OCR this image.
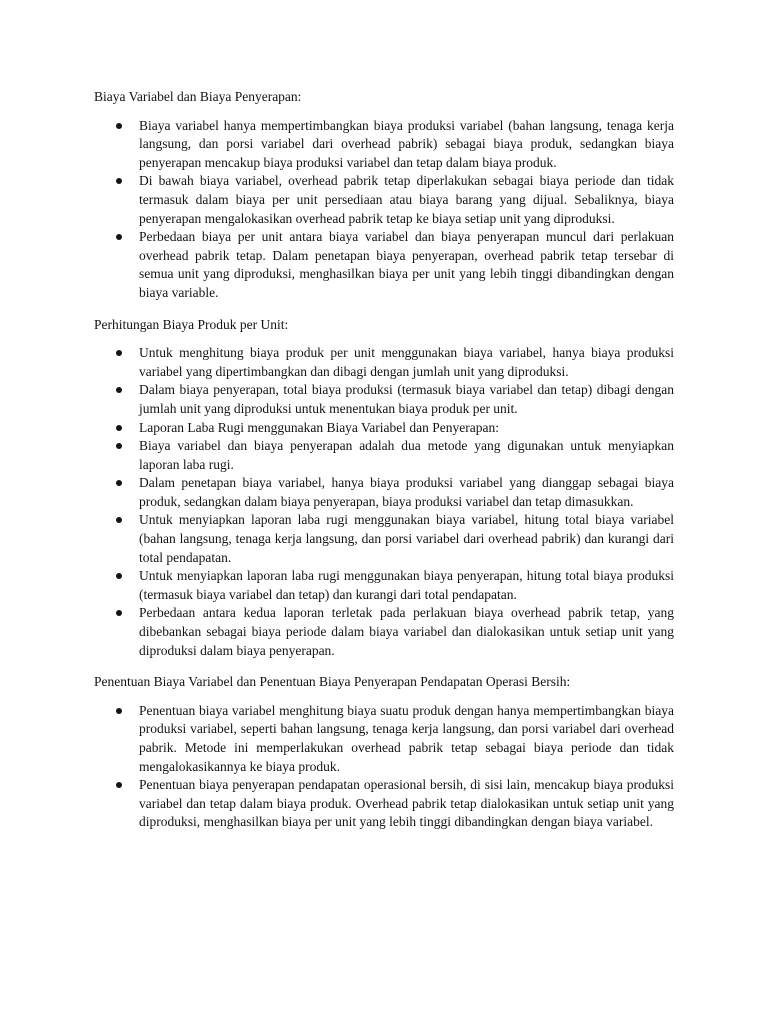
Biaya Variabel dan Biaya Penyerapan:

Biaya variabel hanya mempertimbangkan biaya produksi variabel (bahan langsung, tenaga kerja langsung, dan porsi variabel dari overhead pabrik) sebagai biaya produk, sedangkan biaya penyerapan mencakup biaya produksi variabel dan tetap dalam biaya produk.
Di bawah biaya variabel, overhead pabrik tetap diperlakukan sebagai biaya periode dan tidak termasuk dalam biaya per unit persediaan atau biaya barang yang dijual. Sebaliknya, biaya penyerapan mengalokasikan overhead pabrik tetap ke biaya setiap unit yang diproduksi.
Perbedaan biaya per unit antara biaya variabel dan biaya penyerapan muncul dari perlakuan overhead pabrik tetap. Dalam penetapan biaya penyerapan, overhead pabrik tetap tersebar di semua unit yang diproduksi, menghasilkan biaya per unit yang lebih tinggi dibandingkan dengan biaya variable.

Perhitungan Biaya Produk per Unit:

Untuk menghitung biaya produk per unit menggunakan biaya variabel, hanya biaya produksi variabel yang dipertimbangkan dan dibagi dengan jumlah unit yang diproduksi.
Dalam biaya penyerapan, total biaya produksi (termasuk biaya variabel dan tetap) dibagi dengan jumlah unit yang diproduksi untuk menentukan biaya produk per unit.
Laporan Laba Rugi menggunakan Biaya Variabel dan Penyerapan:
Biaya variabel dan biaya penyerapan adalah dua metode yang digunakan untuk menyiapkan laporan laba rugi.
Dalam penetapan biaya variabel, hanya biaya produksi variabel yang dianggap sebagai biaya produk, sedangkan dalam biaya penyerapan, biaya produksi variabel dan tetap dimasukkan.
Untuk menyiapkan laporan laba rugi menggunakan biaya variabel, hitung total biaya variabel (bahan langsung, tenaga kerja langsung, dan porsi variabel dari overhead pabrik) dan kurangi dari total pendapatan.
Untuk menyiapkan laporan laba rugi menggunakan biaya penyerapan, hitung total biaya produksi (termasuk biaya variabel dan tetap) dan kurangi dari total pendapatan.
Perbedaan antara kedua laporan terletak pada perlakuan biaya overhead pabrik tetap, yang dibebankan sebagai biaya periode dalam biaya variabel dan dialokasikan untuk setiap unit yang diproduksi dalam biaya penyerapan.

Penentuan Biaya Variabel dan Penentuan Biaya Penyerapan Pendapatan Operasi Bersih:

Penentuan biaya variabel menghitung biaya suatu produk dengan hanya mempertimbangkan biaya produksi variabel, seperti bahan langsung, tenaga kerja langsung, dan porsi variabel dari overhead pabrik. Metode ini memperlakukan overhead pabrik tetap sebagai biaya periode dan tidak mengalokasikannya ke biaya produk.
Penentuan biaya penyerapan pendapatan operasional bersih, di sisi lain, mencakup biaya produksi variabel dan tetap dalam biaya produk. Overhead pabrik tetap dialokasikan untuk setiap unit yang diproduksi, menghasilkan biaya per unit yang lebih tinggi dibandingkan dengan biaya variabel.
